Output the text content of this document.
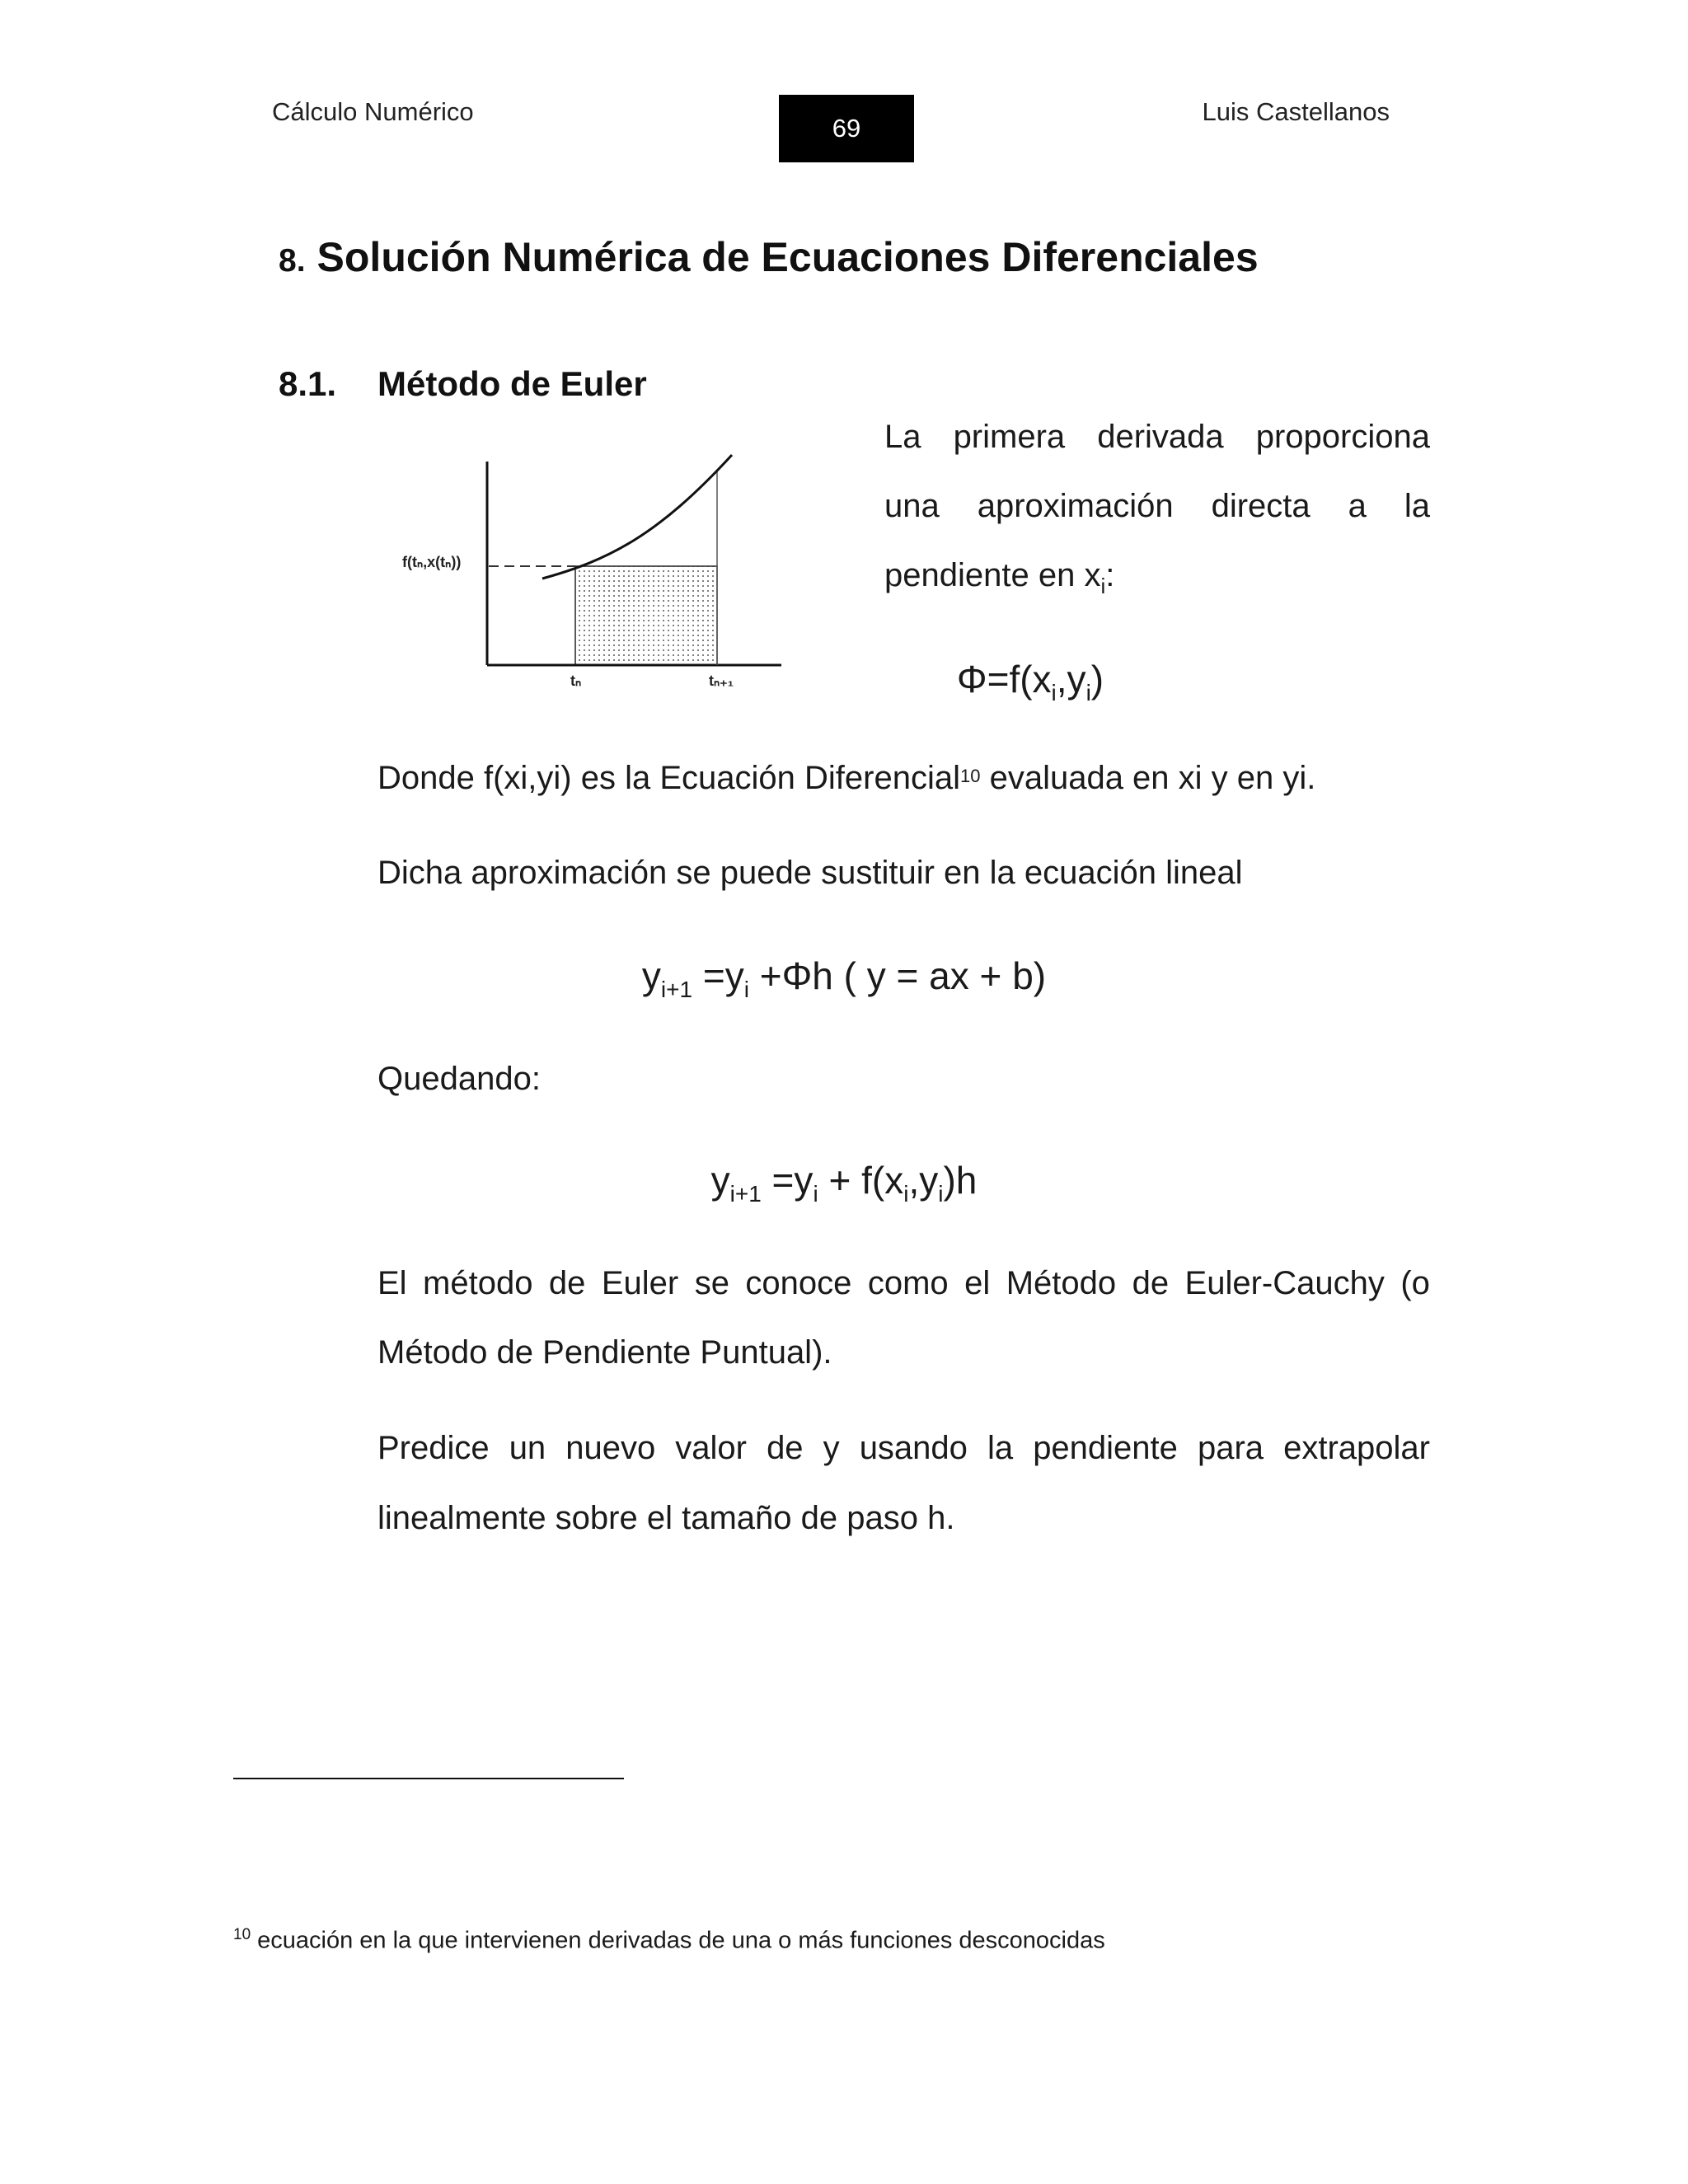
Cálculo Numérico
69
Luis Castellanos
8. Solución Numérica de Ecuaciones Diferenciales
8.1. Método de Euler
f(tₙ,x(tₙ))
tₙ	tₙ₊₁
La primera derivada proporciona
una aproximación directa a la
pendiente en $x_i$:
$\Phi=f(x_i,y_i)$
Donde f(xi,yi) es la Ecuación Diferencial$^{10}$ evaluada en xi y en yi.
Dicha aproximación se puede sustituir en la ecuación lineal
$y_{i+1} =y_i +\Phi h$ ( y = ax + b)
Quedando:
$y_{i+1} =y_i + f(x_i,y_i)h$
El método de Euler se conoce como el Método de Euler-Cauchy (o
Método de Pendiente Puntual).
Predice un nuevo valor de y usando la pendiente para extrapolar
linealmente sobre el tamaño de paso h.
$^{10}$ ecuación en la que intervienen derivadas de una o más funciones desconocidas
